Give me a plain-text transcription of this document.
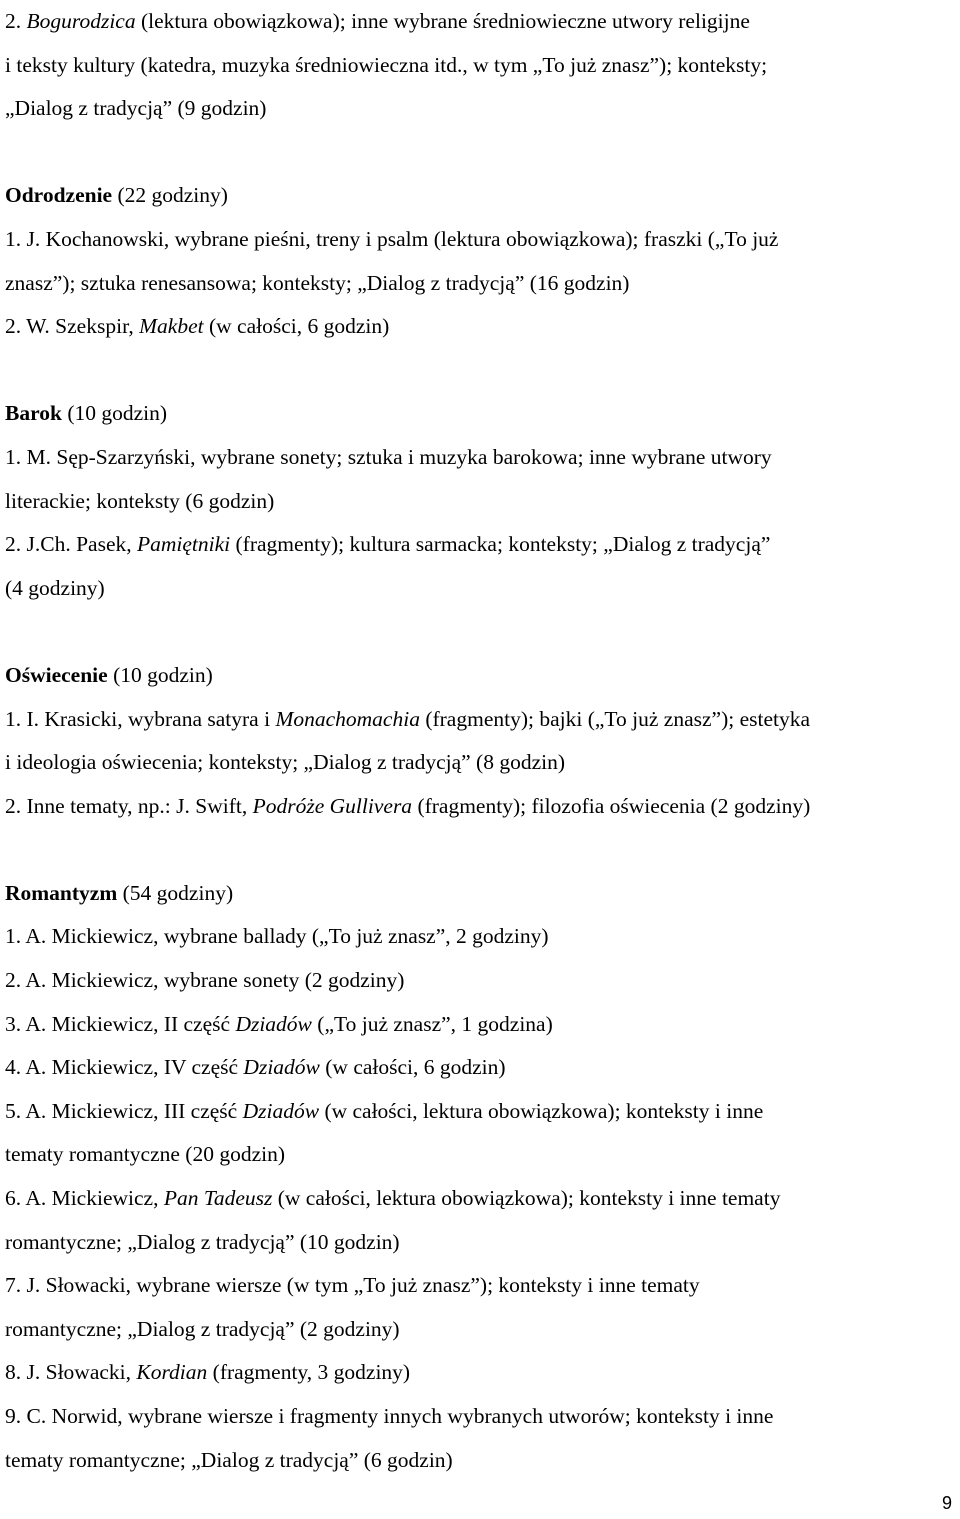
2. Bogurodzica (lektura obowiązkowa); inne wybrane średniowieczne utwory religijne
i teksty kultury (katedra, muzyka średniowieczna itd., w tym „To już znasz”); konteksty;
„Dialog z tradycją” (9 godzin)
Odrodzenie (22 godziny)
1. J. Kochanowski, wybrane pieśni, treny i psalm (lektura obowiązkowa); fraszki („To już
znasz”); sztuka renesansowa; konteksty; „Dialog z tradycją” (16 godzin)
2. W. Szekspir, Makbet (w całości, 6 godzin)
Barok (10 godzin)
1. M. Sęp-Szarzyński, wybrane sonety; sztuka i muzyka barokowa; inne wybrane utwory
literackie; konteksty (6 godzin)
2. J.Ch. Pasek, Pamiętniki (fragmenty); kultura sarmacka; konteksty; „Dialog z tradycją”
(4 godziny)
Oświecenie (10 godzin)
1. I. Krasicki, wybrana satyra i Monachomachia (fragmenty); bajki („To już znasz”); estetyka
i ideologia oświecenia; konteksty; „Dialog z tradycją” (8 godzin)
2. Inne tematy, np.: J. Swift, Podróże Gullivera (fragmenty); filozofia oświecenia (2 godziny)
Romantyzm (54 godziny)
1. A. Mickiewicz, wybrane ballady („To już znasz”, 2 godziny)
2. A. Mickiewicz, wybrane sonety (2 godziny)
3. A. Mickiewicz, II część Dziadów („To już znasz”, 1 godzina)
4. A. Mickiewicz, IV część Dziadów (w całości, 6 godzin)
5. A. Mickiewicz, III część Dziadów (w całości, lektura obowiązkowa); konteksty i inne
tematy romantyczne (20 godzin)
6. A. Mickiewicz, Pan Tadeusz (w całości, lektura obowiązkowa); konteksty i inne tematy
romantyczne; „Dialog z tradycją” (10 godzin)
7. J. Słowacki, wybrane wiersze (w tym „To już znasz”); konteksty i inne tematy
romantyczne; „Dialog z tradycją” (2 godziny)
8. J. Słowacki, Kordian (fragmenty, 3 godziny)
9. C. Norwid, wybrane wiersze i fragmenty innych wybranych utworów; konteksty i inne
tematy romantyczne; „Dialog z tradycją” (6 godzin)
9
